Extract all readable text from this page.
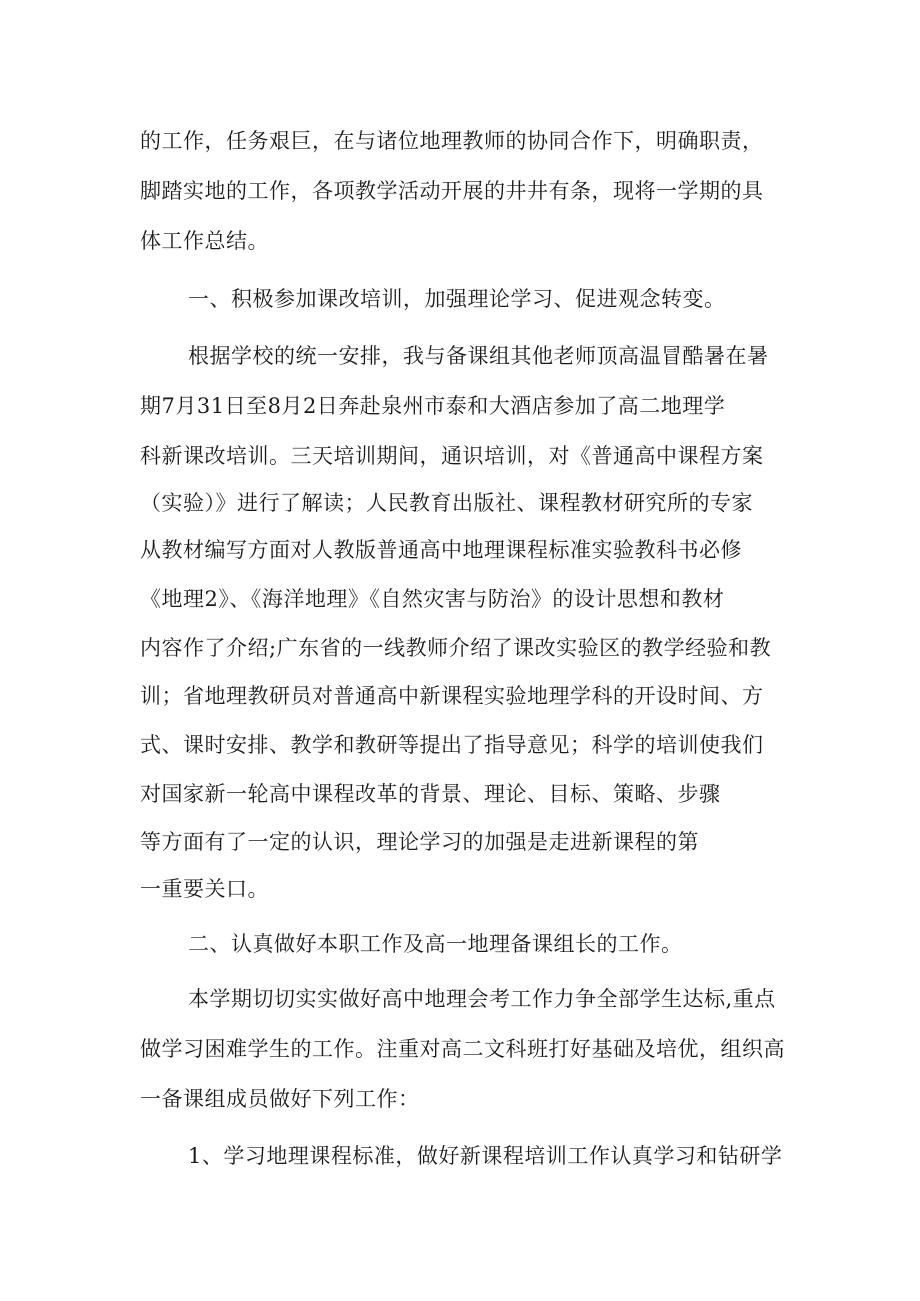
的工作，任务艰巨，在与诸位地理教师的协同合作下，明确职责，

脚踏实地的工作，各项教学活动开展的井井有条，现将一学期的具

体工作总结。

一、积极参加课改培训，加强理论学习、促进观念转变。

根据学校的统一安排，我与备课组其他老师顶高温冒酷暑在暑

期7月31日至8月2日奔赴泉州市泰和大酒店参加了高二地理学

科新课改培训。三天培训期间，通识培训，对《普通高中课程方案

（实验）》进行了解读；人民教育出版社、课程教材研究所的专家

从教材编写方面对人教版普通高中地理课程标准实验教科书必修

《地理2》、《海洋地理》《自然灾害与防治》的设计思想和教材

内容作了介绍;广东省的一线教师介绍了课改实验区的教学经验和教

训；省地理教研员对普通高中新课程实验地理学科的开设时间、方

式、课时安排、教学和教研等提出了指导意见；科学的培训使我们

对国家新一轮高中课程改革的背景、理论、目标、策略、步骤

等方面有了一定的认识，理论学习的加强是走进新课程的第

一重要关口。

二、认真做好本职工作及高一地理备课组长的工作。

本学期切切实实做好高中地理会考工作力争全部学生达标,重点

做学习困难学生的工作。注重对高二文科班打好基础及培优，组织高

一备课组成员做好下列工作：

1、学习地理课程标准，做好新课程培训工作认真学习和钻研学
